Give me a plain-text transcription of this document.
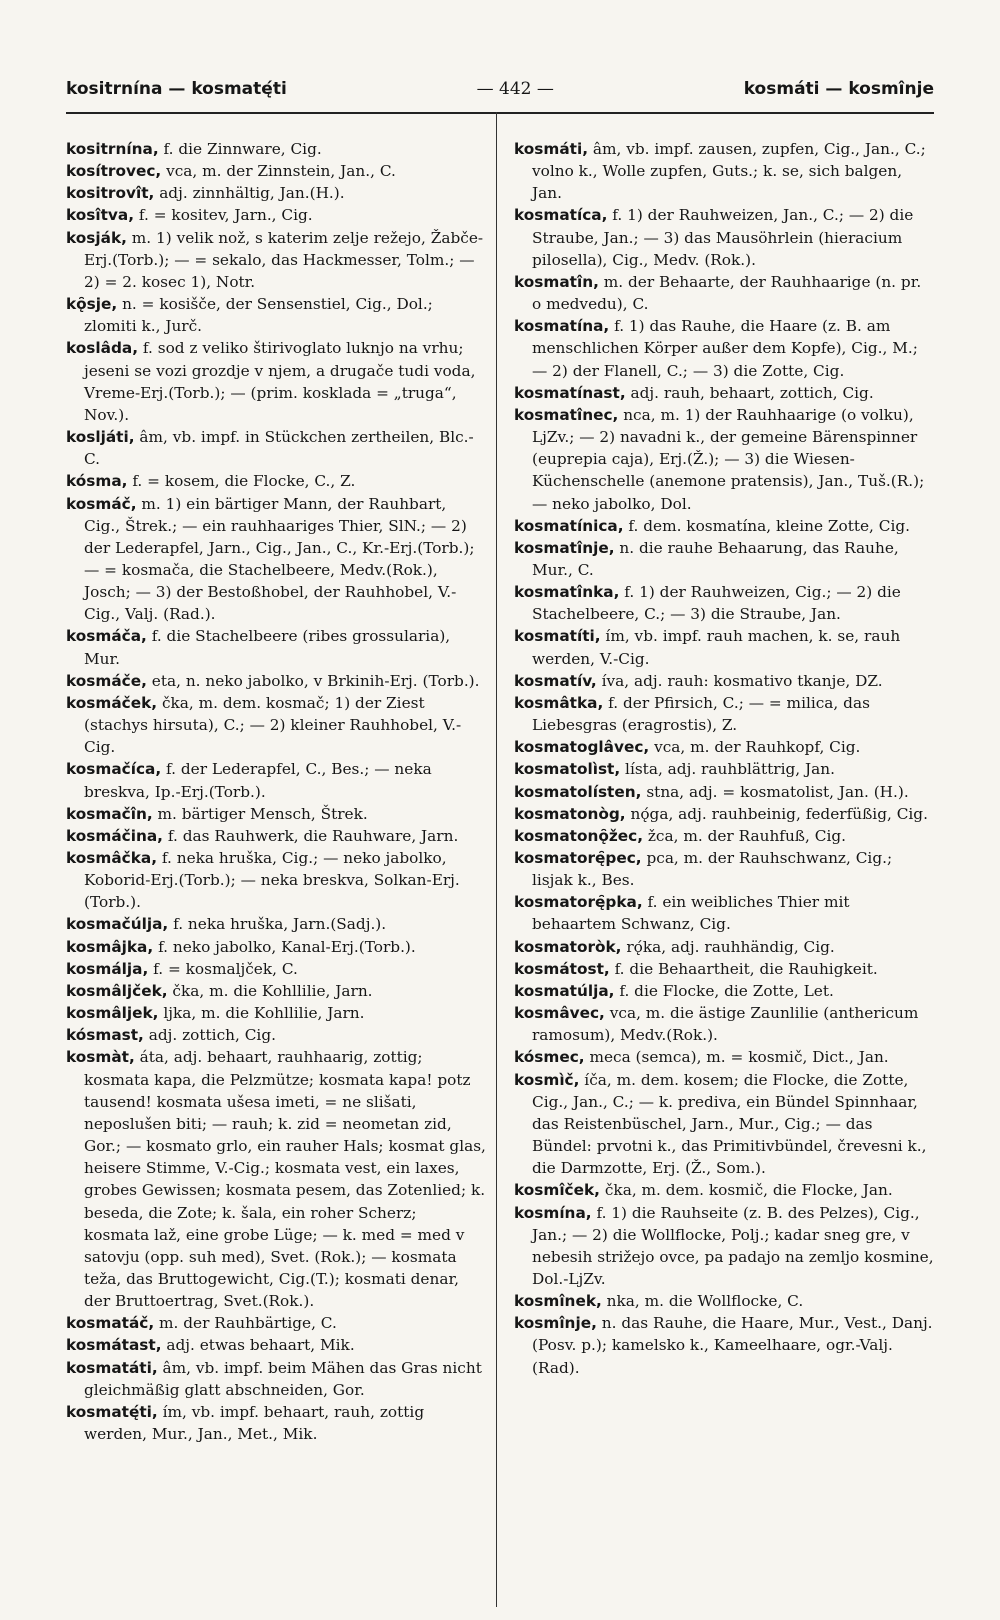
kositrnína — kosmatę́ti	— 442 —	kosmáti — kosmînje
kositrnína, f. die Zinnware, Cig.
kosítrovec, vca, m. der Zinnstein, Jan., C.
kositrovît, adj. zinnhältig, Jan.(H.).
kosîtva, f. = kositev, Jarn., Cig.
kosják, m. 1) velik nož, s katerim zelje režejo, Žabče-Erj.(Torb.); — = sekalo, das Hackmesser, Tolm.; — 2) = 2. kosec 1), Notr.
kǫ̑sje, n. = kosišče, der Sensenstiel, Cig., Dol.; zlomiti k., Jurč.
koslâda, f. sod z veliko štirivoglato luknjo na vrhu; jeseni se vozi grozdje v njem, a drugače tudi voda, Vreme-Erj.(Torb.); — (prim. kosklada = „truga“, Nov.).
kosljáti, âm, vb. impf. in Stückchen zertheilen, Blc.-C.
kósma, f. = kosem, die Flocke, C., Z.
kosmáč, m. 1) ein bärtiger Mann, der Rauhbart, Cig., Štrek.; — ein rauhhaariges Thier, SlN.; — 2) der Lederapfel, Jarn., Cig., Jan., C., Kr.-Erj.(Torb.); — = kosmača, die Stachelbeere, Medv.(Rok.), Josch; — 3) der Bestoßhobel, der Rauhhobel, V.-Cig., Valj. (Rad.).
kosmáča, f. die Stachelbeere (ribes grossularia), Mur.
kosmáče, eta, n. neko jabolko, v Brkinih-Erj. (Torb.).
kosmáček, čka, m. dem. kosmač; 1) der Ziest (stachys hirsuta), C.; — 2) kleiner Rauhhobel, V.-Cig.
kosmačíca, f. der Lederapfel, C., Bes.; — neka breskva, Ip.-Erj.(Torb.).
kosmačîn, m. bärtiger Mensch, Štrek.
kosmáčina, f. das Rauhwerk, die Rauhware, Jarn.
kosmâčka, f. neka hruška, Cig.; — neko jabolko, Koborid-Erj.(Torb.); — neka breskva, Solkan-Erj.(Torb.).
kosmačúlja, f. neka hruška, Jarn.(Sadj.).
kosmâjka, f. neko jabolko, Kanal-Erj.(Torb.).
kosmálja, f. = kosmaljček, C.
kosmâljček, čka, m. die Kohllilie, Jarn.
kosmâljek, ljka, m. die Kohllilie, Jarn.
kósmast, adj. zottich, Cig.
kosmàt, áta, adj. behaart, rauhhaarig, zottig; kosmata kapa, die Pelzmütze; kosmata kapa! potz tausend! kosmata ušesa imeti, = ne slišati, neposlušen biti; — rauh; k. zid = neometan zid, Gor.; — kosmato grlo, ein rauher Hals; kosmat glas, heisere Stimme, V.-Cig.; kosmata vest, ein laxes, grobes Gewissen; kosmata pesem, das Zotenlied; k. beseda, die Zote; k. šala, ein roher Scherz; kosmata laž, eine grobe Lüge; — k. med = med v satovju (opp. suh med), Svet. (Rok.); — kosmata teža, das Bruttogewicht, Cig.(T.); kosmati denar, der Bruttoertrag, Svet.(Rok.).
kosmatáč, m. der Rauhbärtige, C.
kosmátast, adj. etwas behaart, Mik.
kosmatáti, âm, vb. impf. beim Mähen das Gras nicht gleichmäßig glatt abschneiden, Gor.
kosmatę́ti, ím, vb. impf. behaart, rauh, zottig werden, Mur., Jan., Met., Mik.
kosmáti, âm, vb. impf. zausen, zupfen, Cig., Jan., C.; volno k., Wolle zupfen, Guts.; k. se, sich balgen, Jan.
kosmatíca, f. 1) der Rauhweizen, Jan., C.; — 2) die Straube, Jan.; — 3) das Mausöhrlein (hieracium pilosella), Cig., Medv. (Rok.).
kosmatîn, m. der Behaarte, der Rauhhaarige (n. pr. o medvedu), C.
kosmatína, f. 1) das Rauhe, die Haare (z. B. am menschlichen Körper außer dem Kopfe), Cig., M.; — 2) der Flanell, C.; — 3) die Zotte, Cig.
kosmatínast, adj. rauh, behaart, zottich, Cig.
kosmatînec, nca, m. 1) der Rauhhaarige (o volku), LjZv.; — 2) navadni k., der gemeine Bärenspinner (euprepia caja), Erj.(Ž.); — 3) die Wiesen-Küchenschelle (anemone pratensis), Jan., Tuš.(R.); — neko jabolko, Dol.
kosmatínica, f. dem. kosmatína, kleine Zotte, Cig.
kosmatînje, n. die rauhe Behaarung, das Rauhe, Mur., C.
kosmatînka, f. 1) der Rauhweizen, Cig.; — 2) die Stachelbeere, C.; — 3) die Straube, Jan.
kosmatíti, ím, vb. impf. rauh machen, k. se, rauh werden, V.-Cig.
kosmatív, íva, adj. rauh: kosmativo tkanje, DZ.
kosmâtka, f. der Pfirsich, C.; — = milica, das Liebesgras (eragrostis), Z.
kosmatoglâvec, vca, m. der Rauhkopf, Cig.
kosmatolìst, lísta, adj. rauhblättrig, Jan.
kosmatolísten, stna, adj. = kosmatolist, Jan. (H.).
kosmatonòg, nǫ́ga, adj. rauhbeinig, federfüßig, Cig.
kosmatonǫ̑žec, žca, m. der Rauhfuß, Cig.
kosmatorę̑pec, pca, m. der Rauhschwanz, Cig.; lisjak k., Bes.
kosmatorę̑pka, f. ein weibliches Thier mit behaartem Schwanz, Cig.
kosmatoròk, rǫ́ka, adj. rauhhändig, Cig.
kosmátost, f. die Behaartheit, die Rauhigkeit.
kosmatúlja, f. die Flocke, die Zotte, Let.
kosmâvec, vca, m. die ästige Zaunlilie (anthericum ramosum), Medv.(Rok.).
kósmec, meca (semca), m. = kosmič, Dict., Jan.
kosmìč, íča, m. dem. kosem; die Flocke, die Zotte, Cig., Jan., C.; — k. prediva, ein Bündel Spinnhaar, das Reistenbüschel, Jarn., Mur., Cig.; — das Bündel: prvotni k., das Primitivbündel, črevesni k., die Darmzotte, Erj. (Ž., Som.).
kosmîček, čka, m. dem. kosmič, die Flocke, Jan.
kosmína, f. 1) die Rauhseite (z. B. des Pelzes), Cig., Jan.; — 2) die Wollflocke, Polj.; kadar sneg gre, v nebesih strižejo ovce, pa padajo na zemljo kosmine, Dol.-LjZv.
kosmînek, nka, m. die Wollflocke, C.
kosmînje, n. das Rauhe, die Haare, Mur., Vest., Danj.(Posv. p.); kamelsko k., Kameelhaare, ogr.-Valj.(Rad).
